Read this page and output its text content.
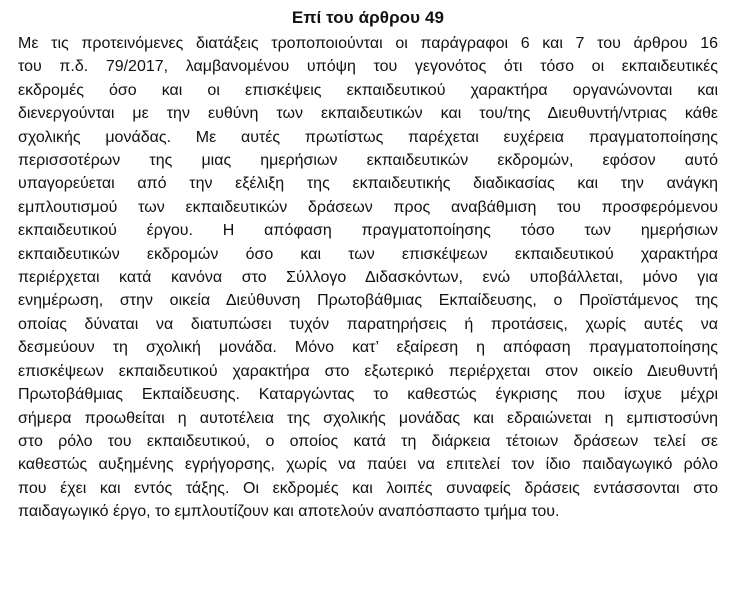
Επί του άρθρου 49
Με τις προτεινόμενες διατάξεις τροποποιούνται οι παράγραφοι 6 και 7 του άρθρου 16
του π.δ. 79/2017, λαμβανομένου υπόψη του γεγονότος ότι τόσο οι εκπαιδευτικές
εκδρομές όσο και οι επισκέψεις εκπαιδευτικού χαρακτήρα οργανώνονται και
διενεργούνται με την ευθύνη των εκπαιδευτικών και του/της Διευθυντή/ντριας κάθε
σχολικής μονάδας. Με αυτές πρωτίστως παρέχεται ευχέρεια πραγματοποίησης
περισσοτέρων της μιας ημερήσιων εκπαιδευτικών εκδρομών, εφόσον αυτό
υπαγορεύεται από την εξέλιξη της εκπαιδευτικής διαδικασίας και την ανάγκη
εμπλουτισμού των εκπαιδευτικών δράσεων προς αναβάθμιση του προσφερόμενου
εκπαιδευτικού έργου. Η απόφαση πραγματοποίησης τόσο των ημερήσιων
εκπαιδευτικών εκδρομών όσο και των επισκέψεων εκπαιδευτικού χαρακτήρα
περιέρχεται κατά κανόνα στο Σύλλογο Διδασκόντων, ενώ υποβάλλεται, μόνο για
ενημέρωση, στην οικεία Διεύθυνση Πρωτοβάθμιας Εκπαίδευσης, ο Προϊστάμενος της
οποίας δύναται να διατυπώσει τυχόν παρατηρήσεις ή προτάσεις, χωρίς αυτές να
δεσμεύουν τη σχολική μονάδα. Μόνο κατ’ εξαίρεση η απόφαση πραγματοποίησης
επισκέψεων εκπαιδευτικού χαρακτήρα στο εξωτερικό περιέρχεται στον οικείο Διευθυντή
Πρωτοβάθμιας Εκπαίδευσης. Καταργώντας το καθεστώς έγκρισης που ίσχυε μέχρι
σήμερα προωθείται η αυτοτέλεια της σχολικής μονάδας και εδραιώνεται η εμπιστοσύνη
στο ρόλο του εκπαιδευτικού, ο οποίος κατά τη διάρκεια τέτοιων δράσεων τελεί σε
καθεστώς αυξημένης εγρήγορσης, χωρίς να παύει να επιτελεί τον ίδιο παιδαγωγικό ρόλο
που έχει και εντός τάξης. Οι εκδρομές και λοιπές συναφείς δράσεις εντάσσονται στο
παιδαγωγικό έργο, το εμπλουτίζουν και αποτελούν αναπόσπαστο τμήμα του.
